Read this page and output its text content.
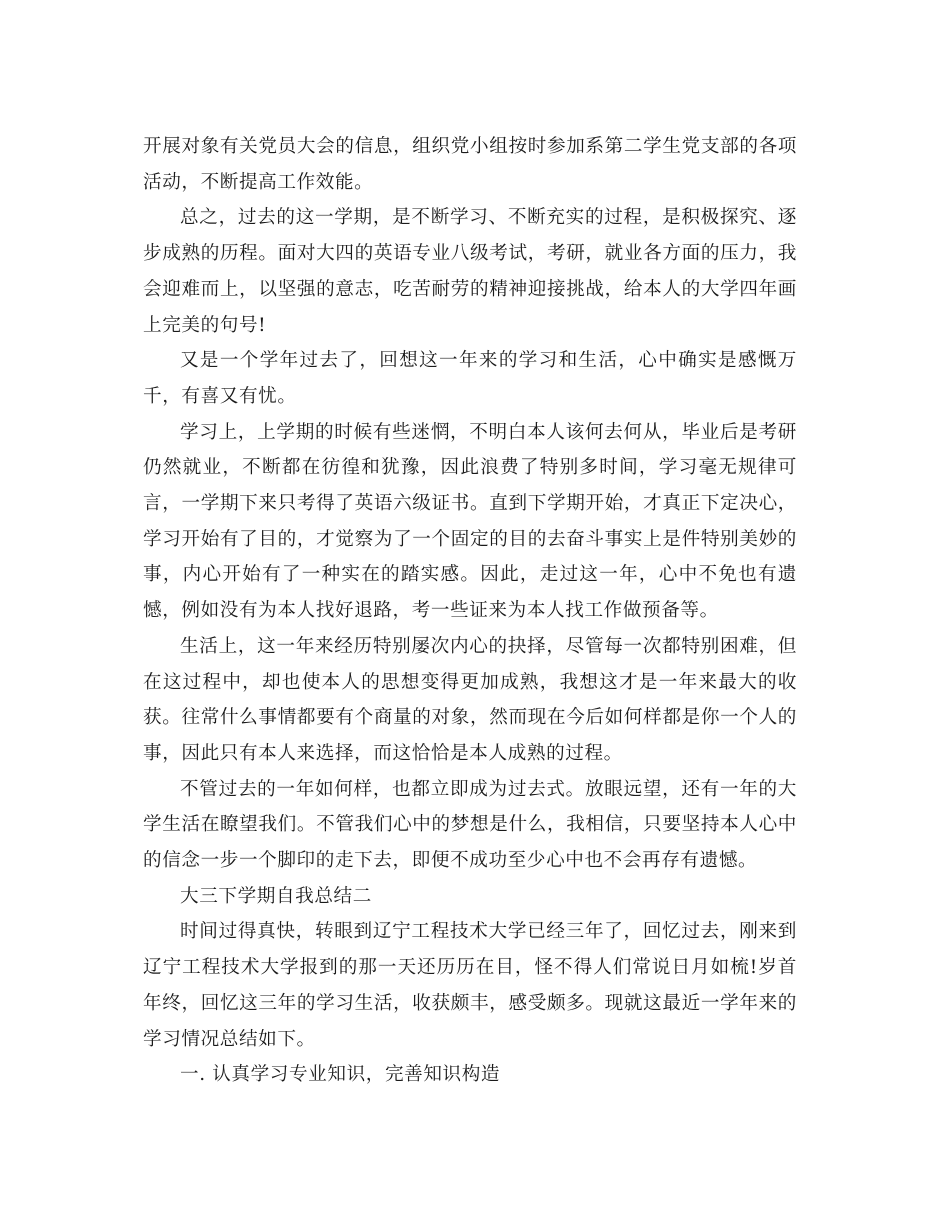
开展对象有关党员大会的信息，组织党小组按时参加系第二学生党支部的各项活动，不断提高工作效能。

总之，过去的这一学期，是不断学习、不断充实的过程，是积极探究、逐步成熟的历程。面对大四的英语专业八级考试，考研，就业各方面的压力，我会迎难而上，以坚强的意志，吃苦耐劳的精神迎接挑战，给本人的大学四年画上完美的句号!

又是一个学年过去了，回想这一年来的学习和生活，心中确实是感慨万千，有喜又有忧。

学习上，上学期的时候有些迷惘，不明白本人该何去何从，毕业后是考研仍然就业，不断都在彷徨和犹豫，因此浪费了特别多时间，学习毫无规律可言，一学期下来只考得了英语六级证书。直到下学期开始，才真正下定决心，学习开始有了目的，才觉察为了一个固定的目的去奋斗事实上是件特别美妙的事，内心开始有了一种实在的踏实感。因此，走过这一年，心中不免也有遗憾，例如没有为本人找好退路，考一些证来为本人找工作做预备等。

生活上，这一年来经历特别屡次内心的抉择，尽管每一次都特别困难，但在这过程中，却也使本人的思想变得更加成熟，我想这才是一年来最大的收获。往常什么事情都要有个商量的对象，然而现在今后如何样都是你一个人的事，因此只有本人来选择，而这恰恰是本人成熟的过程。

不管过去的一年如何样，也都立即成为过去式。放眼远望，还有一年的大学生活在瞭望我们。不管我们心中的梦想是什么，我相信，只要坚持本人心中的信念一步一个脚印的走下去，即便不成功至少心中也不会再存有遗憾。

大三下学期自我总结二

时间过得真快，转眼到辽宁工程技术大学已经三年了，回忆过去，刚来到辽宁工程技术大学报到的那一天还历历在目，怪不得人们常说日月如梳!岁首年终，回忆这三年的学习生活，收获颇丰，感受颇多。现就这最近一学年来的学习情况总结如下。

一. 认真学习专业知识，完善知识构造
